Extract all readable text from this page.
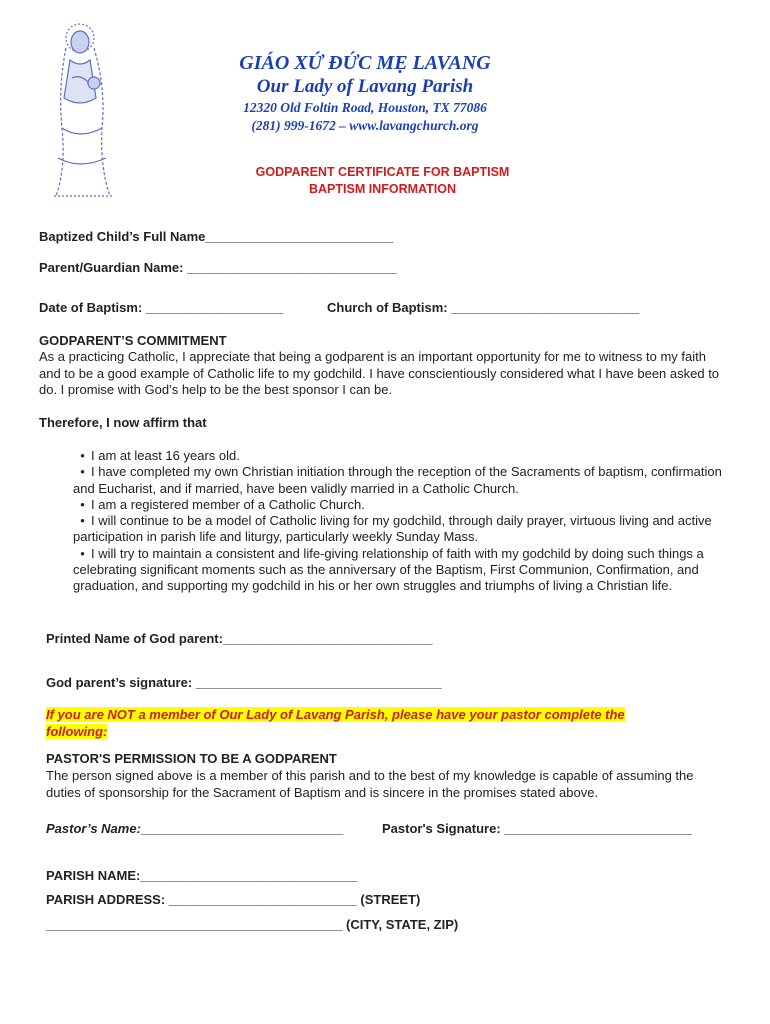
GIÁO XỨ ĐỨC MẸ LAVANG
Our Lady of Lavang Parish
12320 Old Foltin Road, Houston, TX 77086
(281) 999-1672 – www.lavangchurch.org
GODPARENT CERTIFICATE FOR BAPTISM
BAPTISM INFORMATION
Baptized Child’s Full Name__________________________
Parent/Guardian Name: _____________________________
Date of Baptism: ___________________	Church of Baptism: __________________________
GODPARENT’S COMMITMENT
As a practicing Catholic, I appreciate that being a godparent is an important opportunity for me to witness to my faith and to be a good example of Catholic life to my godchild. I have conscientiously considered what I have been asked to do. I promise with God’s help to be the best sponsor I can be.
Therefore, I now affirm that
• I am at least 16 years old.
• I have completed my own Christian initiation through the reception of the Sacraments of baptism, confirmation and Eucharist, and if married, have been validly married in a Catholic Church.
• I am a registered member of a Catholic Church.
• I will continue to be a model of Catholic living for my godchild, through daily prayer, virtuous living and active participation in parish life and liturgy, particularly weekly Sunday Mass.
• I will try to maintain a consistent and life-giving relationship of faith with my godchild by doing such things a celebrating significant moments such as the anniversary of the Baptism, First Communion, Confirmation, and graduation, and supporting my godchild in his or her own struggles and triumphs of living a Christian life.
Printed Name of God parent:_____________________________
God parent’s signature: __________________________________
If you are NOT a member of Our Lady of Lavang Parish, please have your pastor complete the following:
PASTOR'S PERMISSION TO BE A GODPARENT
The person signed above is a member of this parish and to the best of my knowledge is capable of assuming the duties of sponsorship for the Sacrament of Baptism and is sincere in the promises stated above.
Pastor’s Name:____________________________	Pastor's Signature: __________________________
PARISH NAME:______________________________
PARISH ADDRESS: __________________________ (STREET)
_________________________________________ (CITY, STATE, ZIP)
